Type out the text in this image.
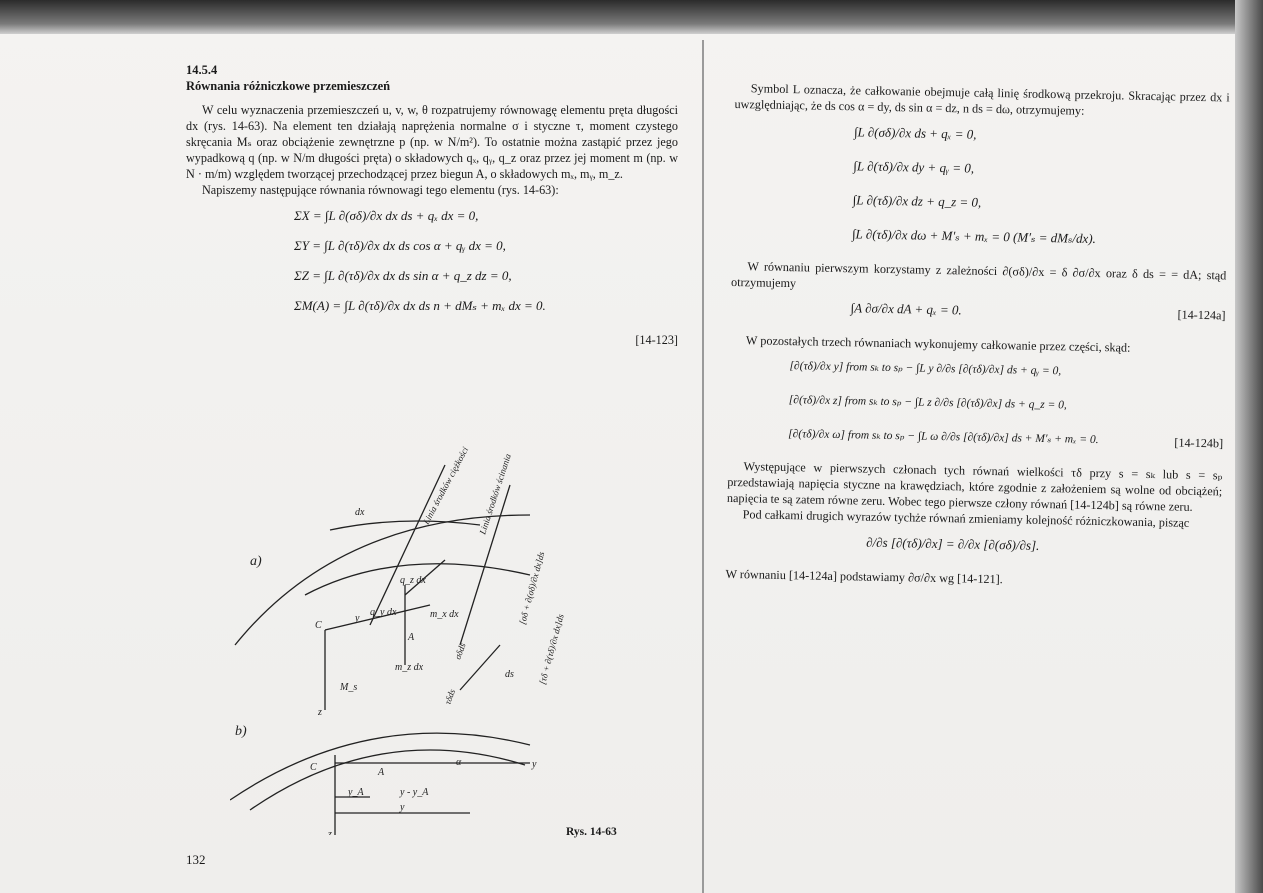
14.5.4
Równania różniczkowe przemieszczeń

W celu wyznaczenia przemieszczeń u, v, w, θ rozpatrujemy równowagę elementu pręta długości dx (rys. 14-63). Na element ten działają naprężenia normalne σ i styczne τ, moment czystego skręcania Mₛ oraz obciążenie zewnętrzne p (np. w N/m²). To ostatnie można zastąpić przez jego wypadkową q (np. w N/m długości pręta) o składowych qₓ, qᵧ, q_z oraz przez jej moment m (np. w N · m/m) względem tworzącej przechodzącej przez biegun A, o składowych mₓ, mᵧ, m_z.

Napiszemy następujące równania równowagi tego elementu (rys. 14-63):

ΣX = ∫L ∂(σδ)/∂x dx ds + qₓ dx = 0,
ΣY = ∫L ∂(τδ)/∂x dx ds cos α + qᵧ dx = 0,
ΣZ = ∫L ∂(τδ)/∂x dx ds sin α + q_z dz = 0,
ΣM(A) = ∫L ∂(τδ)/∂x dx ds n + dMₛ + mₓ dx = 0.
[14-123]
a)
b)
C
A
y
z
dx
q_z dx
q_y dx	m_x dx
m_z dx
M_s
ds
C
z
y
y_A	y - y_A
y
A
α
Linia środków ciężkości Linia środków ścinania
[σδ + ∂(σδ)/∂x dx]ds
[τδ + ∂(τδ)/∂x dx]ds
σδds
τδds
Rys. 14-63
132

Symbol L oznacza, że całkowanie obejmuje całą linię środkową przekroju. Skracając przez dx i uwzględniając, że ds cos α = dy, ds sin α = dz, n ds = dω, otrzymujemy:

∫L ∂(σδ)/∂x ds + qₓ = 0,
∫L ∂(τδ)/∂x dy + qᵧ = 0,
∫L ∂(τδ)/∂x dz + q_z = 0,
∫L ∂(τδ)/∂x dω + M′ₛ + mₓ = 0 (M′ₛ = dMₛ/dx).

W równaniu pierwszym korzystamy z zależności ∂(σδ)/∂x = δ ∂σ/∂x oraz δ ds = = dA; stąd otrzymujemy

∫A ∂σ/∂x dA + qₓ = 0.	[14-124a]

W pozostałych trzech równaniach wykonujemy całkowanie przez części, skąd:

[∂(τδ)/∂x y] from sₖ to sₚ − ∫L y ∂/∂s [∂(τδ)/∂x] ds + qᵧ = 0,
[∂(τδ)/∂x z] from sₖ to sₚ − ∫L z ∂/∂s [∂(τδ)/∂x] ds + q_z = 0,
[∂(τδ)/∂x ω] from sₖ to sₚ − ∫L ω ∂/∂s [∂(τδ)/∂x] ds + M′ₛ + mₓ = 0.	[14-124b]

Występujące w pierwszych członach tych równań wielkości τδ przy s = sₖ lub s = sₚ przedstawiają napięcia styczne na krawędziach, które zgodnie z założeniem są wolne od obciążeń; napięcia te są zatem równe zeru. Wobec tego pierwsze człony równań [14-124b] są równe zeru.

Pod całkami drugich wyrazów tychże równań zmieniamy kolejność różniczkowania, pisząc

∂/∂s [∂(τδ)/∂x] = ∂/∂x [∂(σδ)/∂s].

W równaniu [14-124a] podstawiamy ∂σ/∂x wg [14-121].
